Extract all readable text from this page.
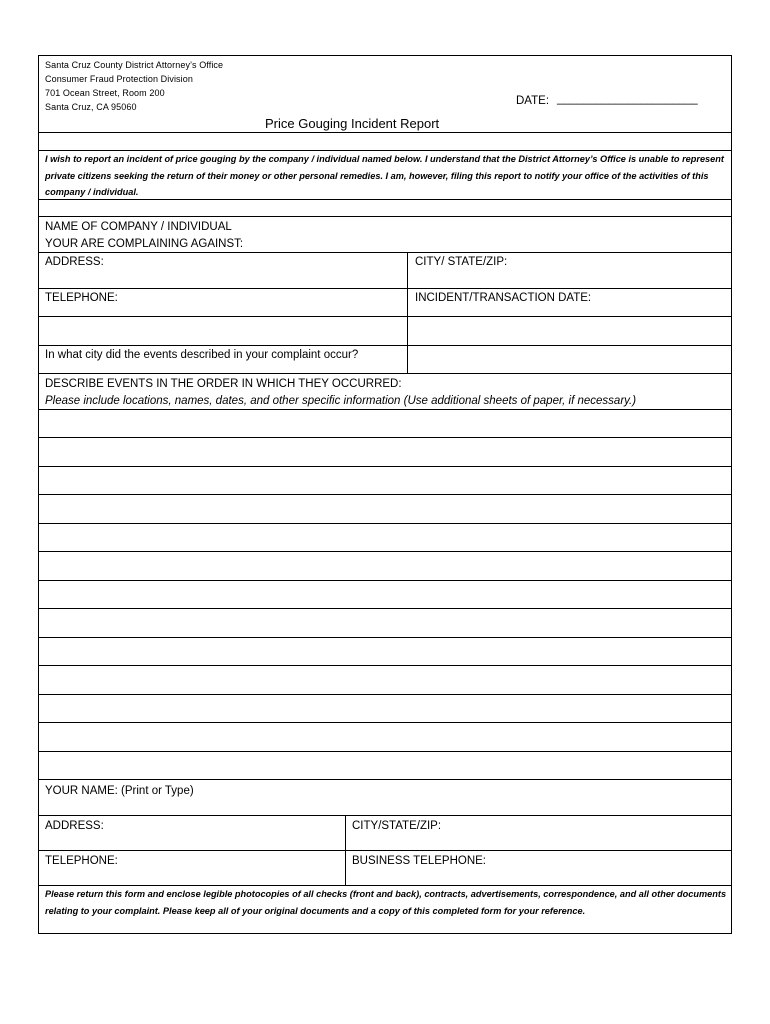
Santa Cruz County District Attorney’s Office
Consumer Fraud Protection Division
701 Ocean Street, Room 200
Santa Cruz, CA 95060	DATE: ______________________
Price Gouging Incident Report
I wish to report an incident of price gouging by the company / individual named below. I understand that the District Attorney’s Office is unable to represent private citizens seeking the return of their money or other personal remedies. I am, however, filing this report to notify your office of the activities of this company / individual.
NAME OF COMPANY / INDIVIDUAL
YOUR ARE COMPLAINING AGAINST:
ADDRESS:	CITY/ STATE/ZIP:
TELEPHONE:	INCIDENT/TRANSACTION DATE:
In what city did the events described in your complaint occur?
DESCRIBE EVENTS IN THE ORDER IN WHICH THEY OCCURRED:
Please include locations, names, dates, and other specific information (Use additional sheets of paper, if necessary.)
YOUR NAME: (Print or Type)
ADDRESS:	CITY/STATE/ZIP:
TELEPHONE:	BUSINESS TELEPHONE:
Please return this form and enclose legible photocopies of all checks (front and back), contracts, advertisements, correspondence, and all other documents relating to your complaint. Please keep all of your original documents and a copy of this completed form for your reference.
